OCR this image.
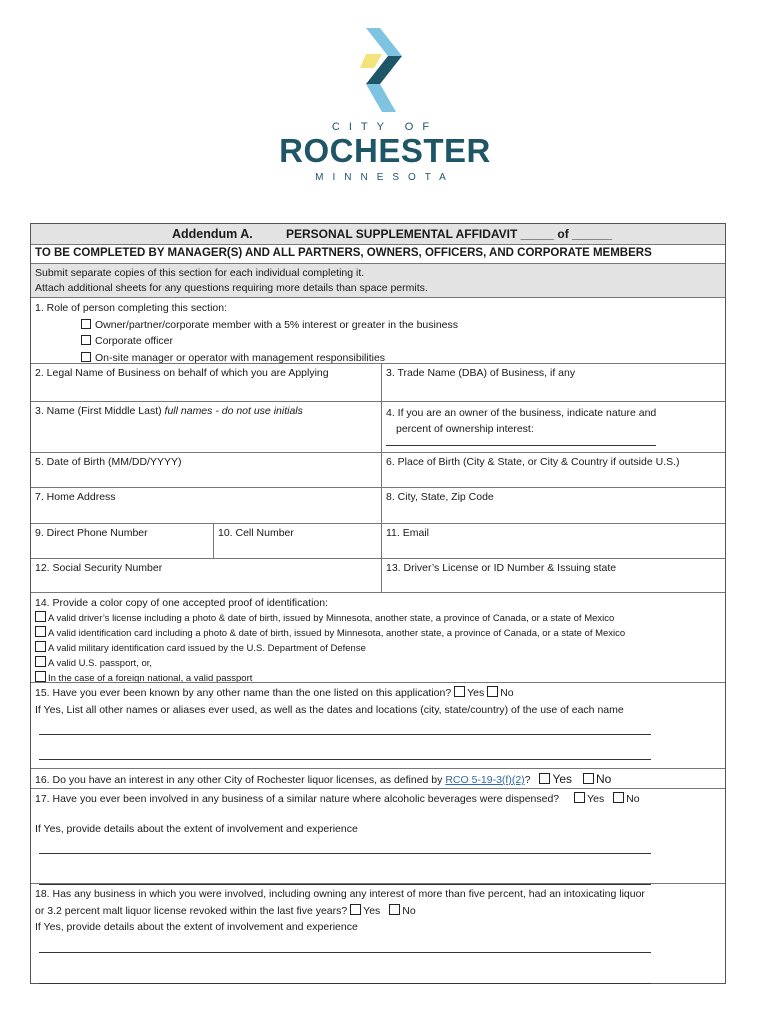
CITY OF
ROCHESTER
MINNESOTA
Addendum A.	PERSONAL SUPPLEMENTAL AFFIDAVIT _____ of ______
TO BE COMPLETED BY MANAGER(S) AND ALL PARTNERS, OWNERS, OFFICERS, AND CORPORATE MEMBERS
Submit separate copies of this section for each individual completing it.
Attach additional sheets for any questions requiring more details than space permits.
1. Role of person completing this section:
Owner/partner/corporate member with a 5% interest or greater in the business
Corporate officer
On-site manager or operator with management responsibilities
2. Legal Name of Business on behalf of which you are Applying	3. Trade Name (DBA) of Business, if any
3. Name (First Middle Last) full names - do not use initials	4. If you are an owner of the business, indicate nature and
percent of ownership interest:
5. Date of Birth (MM/DD/YYYY)	6. Place of Birth (City & State, or City & Country if outside U.S.)
7. Home Address	8. City, State, Zip Code
9. Direct Phone Number	10. Cell Number	11. Email
12. Social Security Number	13. Driver’s License or ID Number & Issuing state
14. Provide a color copy of one accepted proof of identification:
A valid driver’s license including a photo & date of birth, issued by Minnesota, another state, a province of Canada, or a state of Mexico
A valid identification card including a photo & date of birth, issued by Minnesota, another state, a province of Canada, or a state of Mexico
A valid military identification card issued by the U.S. Department of Defense
A valid U.S. passport, or,
In the case of a foreign national, a valid passport
15. Have you ever been known by any other name than the one listed on this application? Yes No
If Yes, List all other names or aliases ever used, as well as the dates and locations (city, state/country) of the use of each name
16. Do you have an interest in any other City of Rochester liquor licenses, as defined by RCO 5-19-3(f)(2)? Yes No
17. Have you ever been involved in any business of a similar nature where alcoholic beverages were dispensed?	Yes No
If Yes, provide details about the extent of involvement and experience
18. Has any business in which you were involved, including owning any interest of more than five percent, had an intoxicating liquor
or 3.2 percent malt liquor license revoked within the last five years? Yes No
If Yes, provide details about the extent of involvement and experience
